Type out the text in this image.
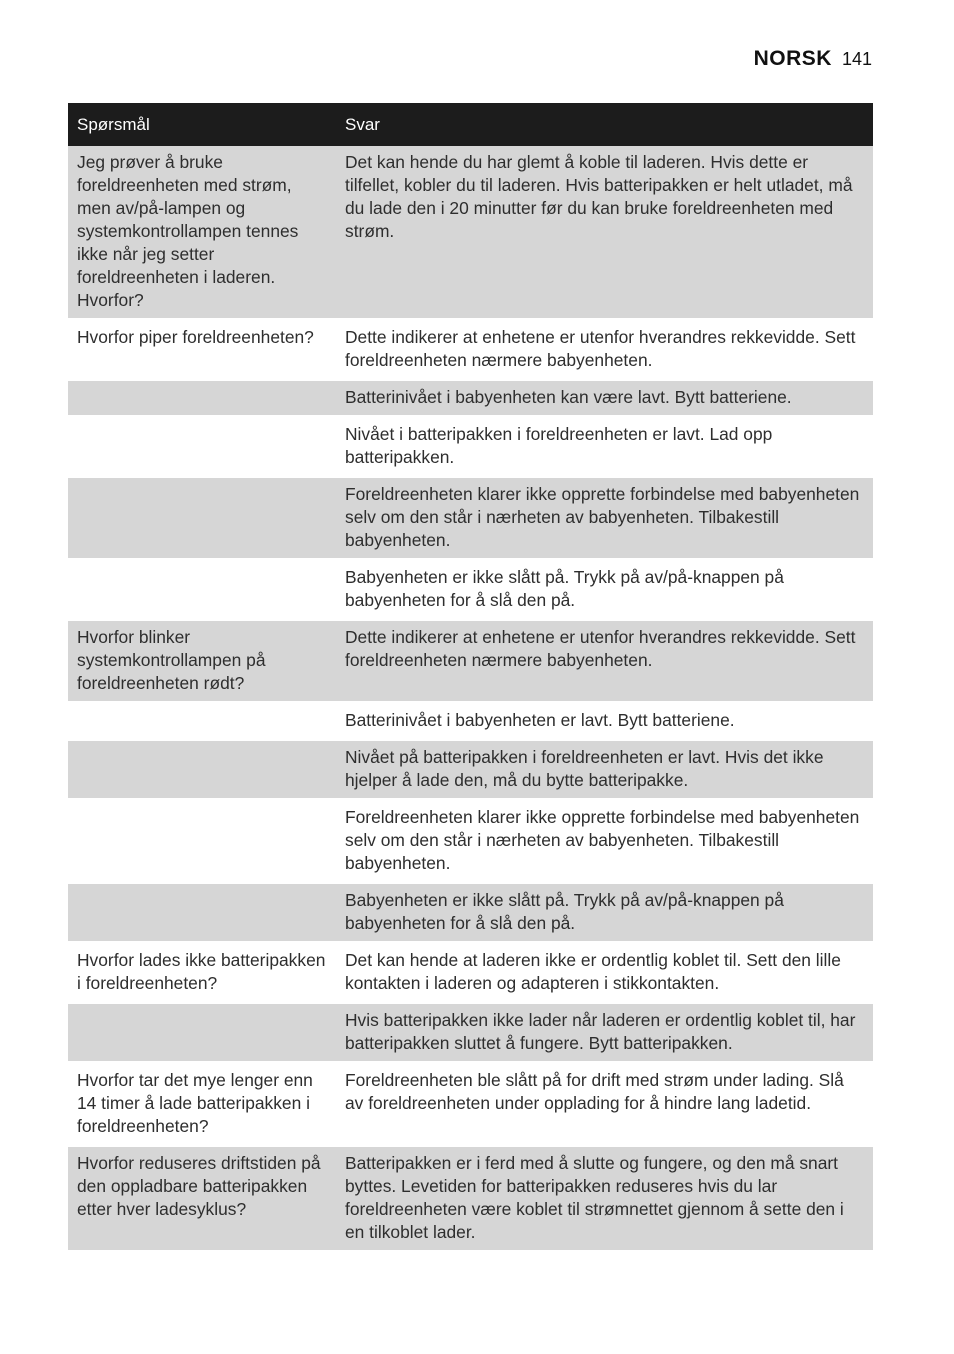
NORSK 141
Spørsmål	Svar
Jeg prøver å bruke foreldreenheten med strøm, men av/på-lampen og systemkontrollampen tennes ikke når jeg setter foreldreenheten i laderen. Hvorfor?	Det kan hende du har glemt å koble til laderen. Hvis dette er tilfellet, kobler du til laderen. Hvis batteripakken er helt utladet, må du lade den i 20 minutter før du kan bruke foreldreenheten med strøm.
Hvorfor piper foreldreenheten?	Dette indikerer at enhetene er utenfor hverandres rekkevidde. Sett foreldreenheten nærmere babyenheten.
	Batterinivået i babyenheten kan være lavt. Bytt batteriene.
	Nivået i batteripakken i foreldreenheten er lavt. Lad opp batteripakken.
	Foreldreenheten klarer ikke opprette forbindelse med babyenheten selv om den står i nærheten av babyenheten. Tilbakestill babyenheten.
	Babyenheten er ikke slått på. Trykk på av/på-knappen på babyenheten for å slå den på.
Hvorfor blinker systemkontrollampen på foreldreenheten rødt?	Dette indikerer at enhetene er utenfor hverandres rekkevidde. Sett foreldreenheten nærmere babyenheten.
	Batterinivået i babyenheten er lavt. Bytt batteriene.
	Nivået på batteripakken i foreldreenheten er lavt. Hvis det ikke hjelper å lade den, må du bytte batteripakke.
	Foreldreenheten klarer ikke opprette forbindelse med babyenheten selv om den står i nærheten av babyenheten. Tilbakestill babyenheten.
	Babyenheten er ikke slått på. Trykk på av/på-knappen på babyenheten for å slå den på.
Hvorfor lades ikke batteripakken i foreldreenheten?	Det kan hende at laderen ikke er ordentlig koblet til. Sett den lille kontakten i laderen og adapteren i stikkontakten.
	Hvis batteripakken ikke lader når laderen er ordentlig koblet til, har batteripakken sluttet å fungere. Bytt batteripakken.
Hvorfor tar det mye lenger enn 14 timer å lade batteripakken i foreldreenheten?	Foreldreenheten ble slått på for drift med strøm under lading. Slå av foreldreenheten under opplading for å hindre lang ladetid.
Hvorfor reduseres driftstiden på den oppladbare batteripakken etter hver ladesyklus?	Batteripakken er i ferd med å slutte og fungere, og den må snart byttes. Levetiden for batteripakken reduseres hvis du lar foreldreenheten være koblet til strømnettet gjennom å sette den i en tilkoblet lader.
